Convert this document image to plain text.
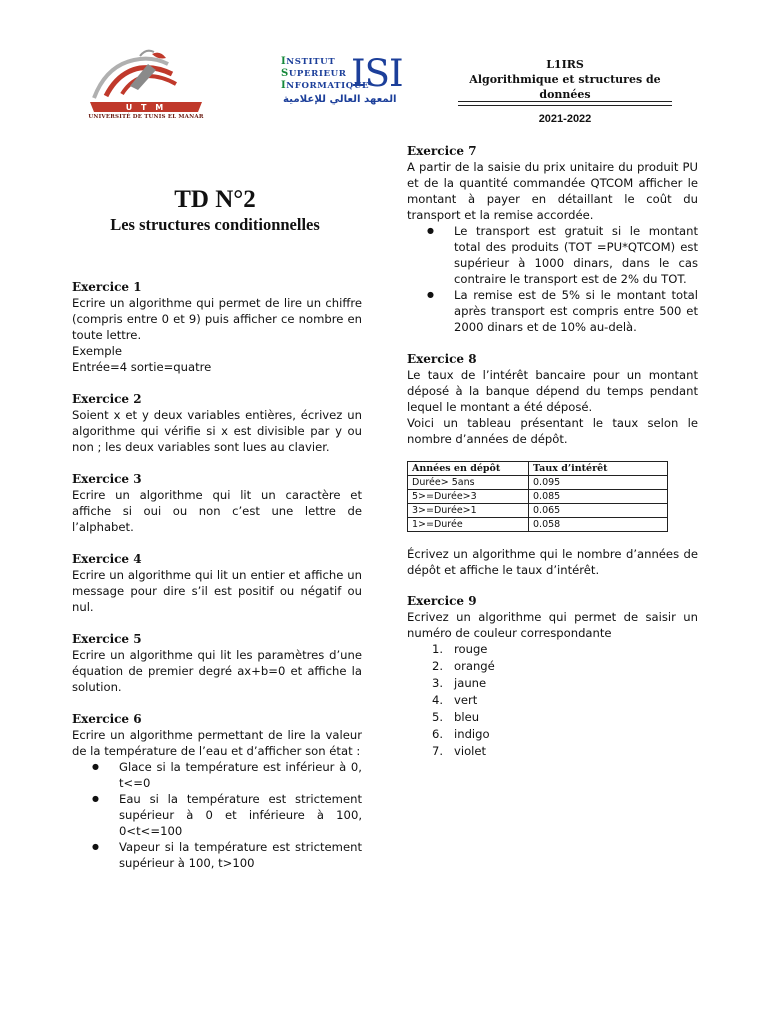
U T M
UNIVERSITÉ DE TUNIS EL MANAR
INSTITUT
SUPERIEUR
INFORMATIQUE
ISI
المعهد العالي للإعلامية
L1IRS
Algorithmique et structures de données
2021-2022
TD N°2
Les structures conditionnelles
Exercice 1
Ecrire un algorithme qui permet de lire un chiffre (compris entre 0 et 9) puis afficher ce nombre en toute lettre.
Exemple
Entrée=4 sortie=quatre
Exercice 2
Soient x et y deux variables entières, écrivez un algorithme qui vérifie si x est divisible par y ou non ; les deux variables sont lues au clavier.
Exercice 3
Ecrire un algorithme qui lit un caractère et affiche si oui ou non c’est une lettre de l’alphabet.
Exercice 4
Ecrire un algorithme qui lit un entier et affiche un message pour dire s’il est positif ou négatif ou nul.
Exercice 5
Ecrire un algorithme qui lit les paramètres d’une équation de premier degré ax+b=0 et affiche la solution.
Exercice 6
Ecrire un algorithme permettant de lire la valeur de la température de l’eau et d’afficher son état :
● Glace si la température est inférieur à 0, t<=0
● Eau si la température est strictement supérieur à 0 et inférieure à 100, 0<t<=100
● Vapeur si la température est strictement supérieur à 100, t>100
Exercice 7
A partir de la saisie du prix unitaire du produit PU et de la quantité commandée QTCOM afficher le montant à payer en détaillant le coût du transport et la remise accordée.
● Le transport est gratuit si le montant total des produits (TOT =PU*QTCOM) est supérieur à 1000 dinars, dans le cas contraire le transport est de 2% du TOT.
● La remise est de 5% si le montant total après transport est compris entre 500 et 2000 dinars et de 10% au-delà.
Exercice 8
Le taux de l’intérêt bancaire pour un montant déposé à la banque dépend du temps pendant lequel le montant a été déposé.
Voici un tableau présentant le taux selon le nombre d’années de dépôt.
Années en dépôt	Taux d’intérêt
Durée> 5ans	0.095
5>=Durée>3	0.085
3>=Durée>1	0.065
1>=Durée	0.058
Écrivez un algorithme qui le nombre d’années de dépôt et affiche le taux d’intérêt.
Exercice 9
Ecrivez un algorithme qui permet de saisir un numéro de couleur correspondante
1. rouge
2. orangé
3. jaune
4. vert
5. bleu
6. indigo
7. violet
